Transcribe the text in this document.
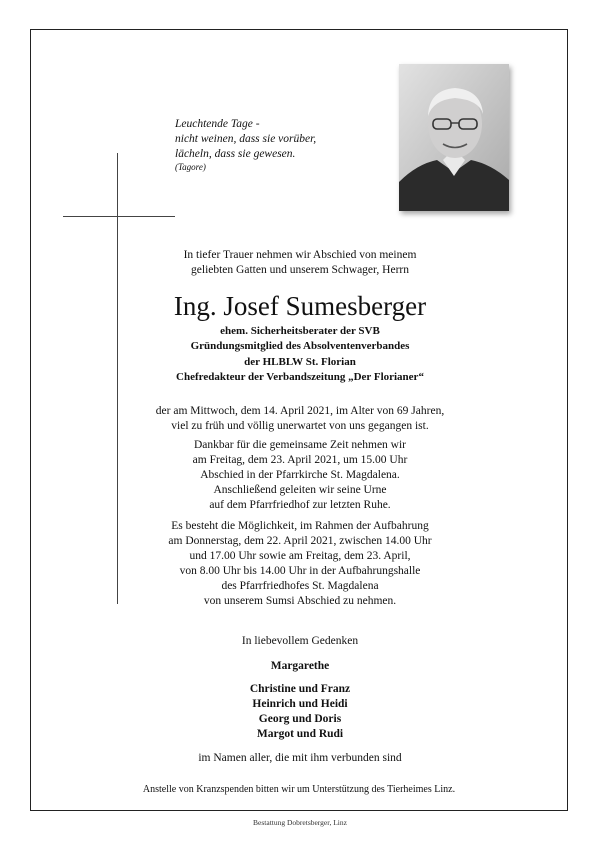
Leuchtende Tage -
nicht weinen, dass sie vorüber,
lächeln, dass sie gewesen.
(Tagore)
In tiefer Trauer nehmen wir Abschied von meinem
geliebten Gatten und unserem Schwager, Herrn
Ing. Josef Sumesberger
ehem. Sicherheitsberater der SVB
Gründungsmitglied des Absolventenverbandes
der HLBLW St. Florian
Chefredakteur der Verbandszeitung „Der Florianer“
der am Mittwoch, dem 14. April 2021, im Alter von 69 Jahren,
viel zu früh und völlig unerwartet von uns gegangen ist.
Dankbar für die gemeinsame Zeit nehmen wir
am Freitag, dem 23. April 2021, um 15.00 Uhr
Abschied in der Pfarrkirche St. Magdalena.
Anschließend geleiten wir seine Urne
auf dem Pfarrfriedhof zur letzten Ruhe.
Es besteht die Möglichkeit, im Rahmen der Aufbahrung
am Donnerstag, dem 22. April 2021, zwischen 14.00 Uhr
und 17.00 Uhr sowie am Freitag, dem 23. April,
von 8.00 Uhr bis 14.00 Uhr in der Aufbahrungshalle
des Pfarrfriedhofes St. Magdalena
von unserem Sumsi Abschied zu nehmen.
In liebevollem Gedenken
Margarethe
Christine und Franz
Heinrich und Heidi
Georg und Doris
Margot und Rudi
im Namen aller, die mit ihm verbunden sind
Anstelle von Kranzspenden bitten wir um Unterstützung des Tierheimes Linz.
Bestattung Dobretsberger, Linz
